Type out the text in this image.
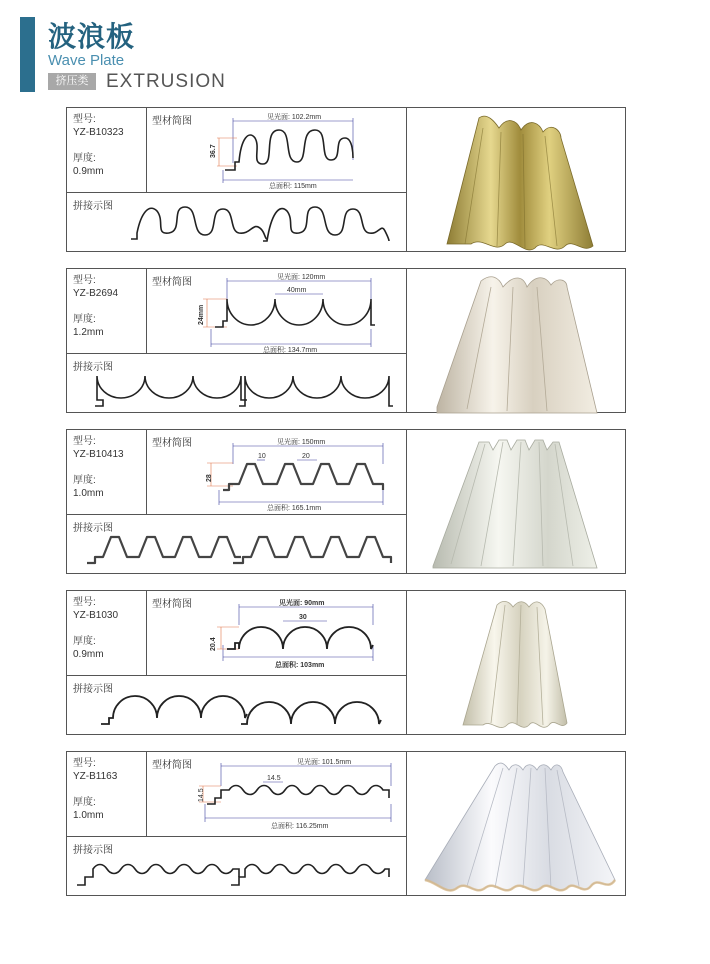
波浪板
Wave Plate
挤压类 EXTRUSION
型号:
YZ-B10323
厚度:
0.9mm
型材简图	见光面: 102.2mm
总面积: 115mm
36.7
拼接示图
型号:
YZ-B2694
厚度:
1.2mm
型材简图	见光面: 120mm
40mm
总面积: 134.7mm
24mm
拼接示图
型号:
YZ-B10413
厚度:
1.0mm
型材简图	见光面: 150mm
10	20
总面积: 165.1mm
28
拼接示图
型号:
YZ-B1030
厚度:
0.9mm
型材简图	见光面: 90mm
30
总面积: 103mm
20.4
拼接示图
型号:
YZ-B1163
厚度:
1.0mm
型材简图	见光面: 101.5mm
14.5
总面积: 116.25mm
14.5
拼接示图
